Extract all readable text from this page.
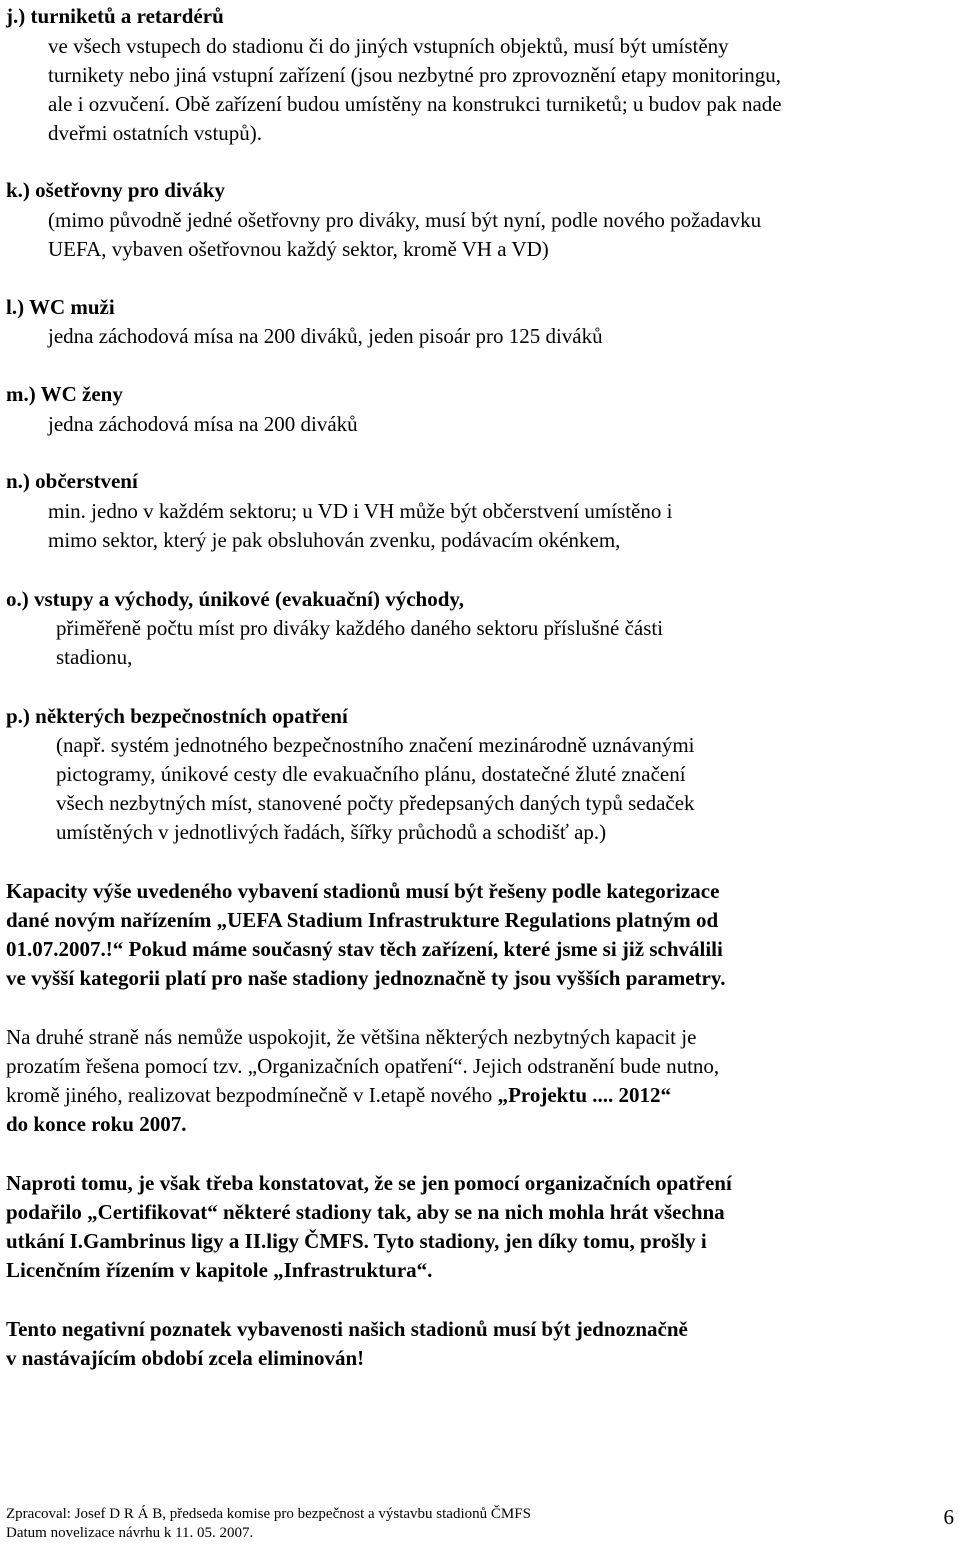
j.) turniketů a retardérů
ve všech vstupech do stadionu či do jiných vstupních objektů, musí být umístěny
turnikety nebo jiná vstupní zařízení (jsou nezbytné pro zprovoznění etapy monitoringu,
ale i ozvučení. Obě zařízení budou umístěny na konstrukci turniketů; u budov pak nade
dveřmi ostatních vstupů).
k.) ošetřovny pro diváky
(mimo původně jedné ošetřovny pro diváky, musí být nyní, podle nového požadavku
UEFA, vybaven ošetřovnou každý sektor, kromě VH a VD)
l.) WC muži
jedna záchodová mísa na 200 diváků, jeden pisoár pro 125 diváků
m.) WC ženy
jedna záchodová mísa na 200 diváků
n.) občerstvení
min. jedno v každém sektoru; u VD i VH může být občerstvení umístěno i
mimo sektor, který je pak obsluhován zvenku, podávacím okénkem,
o.) vstupy a východy, únikové (evakuační) východy,
přiměřeně počtu míst pro diváky každého daného sektoru příslušné části
stadionu,
p.) některých bezpečnostních opatření
(např. systém jednotného bezpečnostního značení mezinárodně uznávanými
pictogramy, únikové cesty dle evakuačního plánu, dostatečné žluté značení
všech nezbytných míst, stanovené počty předepsaných daných typů sedaček
umístěných v jednotlivých řadách, šířky průchodů a schodišť ap.)
Kapacity výše uvedeného vybavení stadionů musí být řešeny podle kategorizace
dané novým nařízením „UEFA Stadium Infrastrukture Regulations platným od
01.07.2007.!“ Pokud máme současný stav těch zařízení, které jsme si již schválili
ve vyšší kategorii platí pro naše stadiony jednoznačně ty jsou vyšších parametry.
Na druhé straně nás nemůže uspokojit, že většina některých nezbytných kapacit je
prozatím řešena pomocí tzv. „Organizačních opatření“. Jejich odstranění bude nutno,
kromě jiného, realizovat bezpodmínečně v I.etapě nového „Projektu .... 2012“
do konce roku 2007.
Naproti tomu, je však třeba konstatovat, že se jen pomocí organizačních opatření
podařilo „Certifikovat“ některé stadiony tak, aby se na nich mohla hrát všechna
utkání I.Gambrinus ligy a II.ligy ČMFS. Tyto stadiony, jen díky tomu, prošly i
Licenčním řízením v kapitole „Infrastruktura“.
Tento negativní poznatek vybavenosti našich stadionů musí být jednoznačně
v nastávajícím období zcela eliminován!
Zpracoval: Josef D R Á B, předseda komise pro bezpečnost a výstavbu stadionů ČMFS
Datum novelizace návrhu k 11. 05. 2007.
6
